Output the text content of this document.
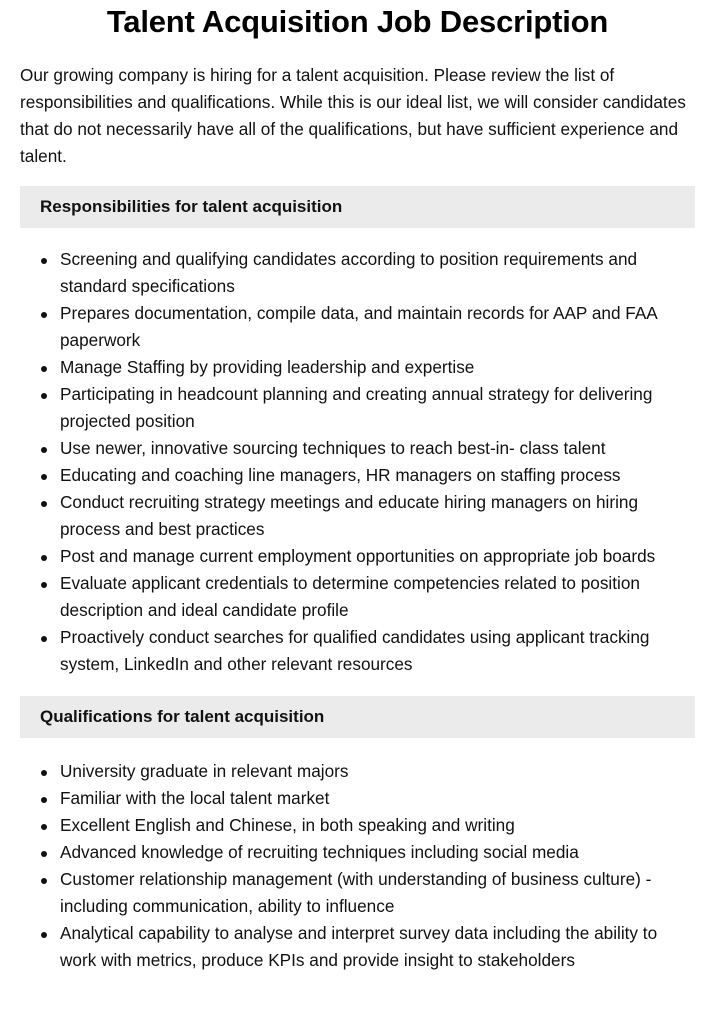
Talent Acquisition Job Description

Our growing company is hiring for a talent acquisition. Please review the list of responsibilities and qualifications. While this is our ideal list, we will consider candidates that do not necessarily have all of the qualifications, but have sufficient experience and talent.

Responsibilities for talent acquisition
Screening and qualifying candidates according to position requirements and standard specifications
Prepares documentation, compile data, and maintain records for AAP and FAA paperwork
Manage Staffing by providing leadership and expertise
Participating in headcount planning and creating annual strategy for delivering projected position
Use newer, innovative sourcing techniques to reach best-in- class talent
Educating and coaching line managers, HR managers on staffing process
Conduct recruiting strategy meetings and educate hiring managers on hiring process and best practices
Post and manage current employment opportunities on appropriate job boards
Evaluate applicant credentials to determine competencies related to position description and ideal candidate profile
Proactively conduct searches for qualified candidates using applicant tracking system, LinkedIn and other relevant resources
Qualifications for talent acquisition
University graduate in relevant majors
Familiar with the local talent market
Excellent English and Chinese, in both speaking and writing
Advanced knowledge of recruiting techniques including social media
Customer relationship management (with understanding of business culture) - including communication, ability to influence
Analytical capability to analyse and interpret survey data including the ability to work with metrics, produce KPIs and provide insight to stakeholders
